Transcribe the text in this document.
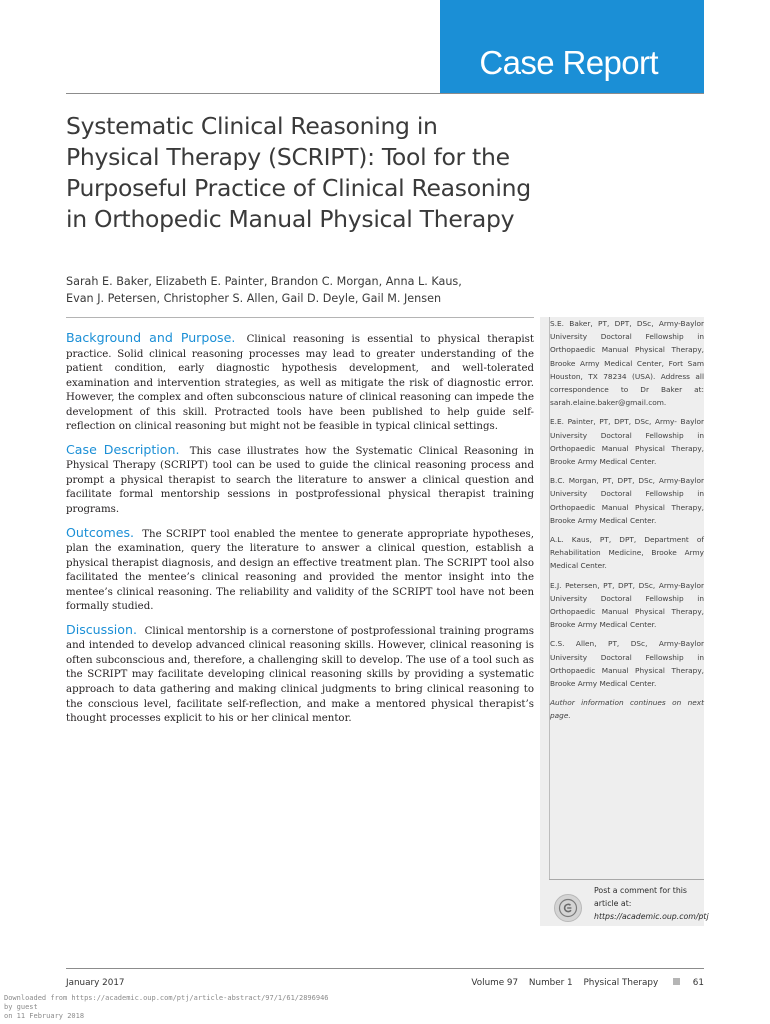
Case Report
Systematic Clinical Reasoning in Physical Therapy (SCRIPT): Tool for the Purposeful Practice of Clinical Reasoning in Orthopedic Manual Physical Therapy
Sarah E. Baker, Elizabeth E. Painter, Brandon C. Morgan, Anna L. Kaus,
Evan J. Petersen, Christopher S. Allen, Gail D. Deyle, Gail M. Jensen

Background and Purpose. Clinical reasoning is essential to physical therapist practice. Solid clinical reasoning processes may lead to greater understanding of the patient condition, early diagnostic hypothesis development, and well-tolerated examination and intervention strategies, as well as mitigate the risk of diagnostic error. However, the complex and often subconscious nature of clinical reasoning can impede the development of this skill. Protracted tools have been published to help guide self-reflection on clinical reasoning but might not be feasible in typical clinical settings.

Case Description. This case illustrates how the Systematic Clinical Reasoning in Physical Therapy (SCRIPT) tool can be used to guide the clinical reasoning process and prompt a physical therapist to search the literature to answer a clinical question and facilitate formal mentorship sessions in postprofessional physical therapist training programs.

Outcomes. The SCRIPT tool enabled the mentee to generate appropriate hypotheses, plan the examination, query the literature to answer a clinical question, establish a physical therapist diagnosis, and design an effective treatment plan. The SCRIPT tool also facilitated the mentee’s clinical reasoning and provided the mentor insight into the mentee’s clinical reasoning. The reliability and validity of the SCRIPT tool have not been formally studied.

Discussion. Clinical mentorship is a cornerstone of postprofessional training programs and intended to develop advanced clinical reasoning skills. However, clinical reasoning is often subconscious and, therefore, a challenging skill to develop. The use of a tool such as the SCRIPT may facilitate developing clinical reasoning skills by providing a systematic approach to data gathering and making clinical judgments to bring clinical reasoning to the conscious level, facilitate self-reflection, and make a mentored physical therapist’s thought processes explicit to his or her clinical mentor.

S.E. Baker, PT, DPT, DSc, Army-Baylor University Doctoral Fellowship in Orthopaedic Manual Physical Therapy, Brooke Army Medical Center, Fort Sam Houston, TX 78234 (USA). Address all correspondence to Dr Baker at: sarah.elaine.baker@gmail.com.

E.E. Painter, PT, DPT, DSc, Army- Baylor University Doctoral Fellowship in Orthopaedic Manual Physical Therapy, Brooke Army Medical Center.

B.C. Morgan, PT, DPT, DSc, Army-Baylor University Doctoral Fellowship in Orthopaedic Manual Physical Therapy, Brooke Army Medical Center.

A.L. Kaus, PT, DPT, Department of Rehabilitation Medicine, Brooke Army Medical Center.

E.J. Petersen, PT, DPT, DSc, Army-Baylor University Doctoral Fellowship in Orthopaedic Manual Physical Therapy, Brooke Army Medical Center.

C.S. Allen, PT, DSc, Army-Baylor University Doctoral Fellowship in Orthopaedic Manual Physical Therapy, Brooke Army Medical Center.

Author information continues on next page.

Post a comment for this
article at:
https://academic.oup.com/ptj
January 2017	Volume 97 Number 1 Physical Therapy	61
Downloaded from https://academic.oup.com/ptj/article-abstract/97/1/61/2896946
by guest
on 11 February 2018
